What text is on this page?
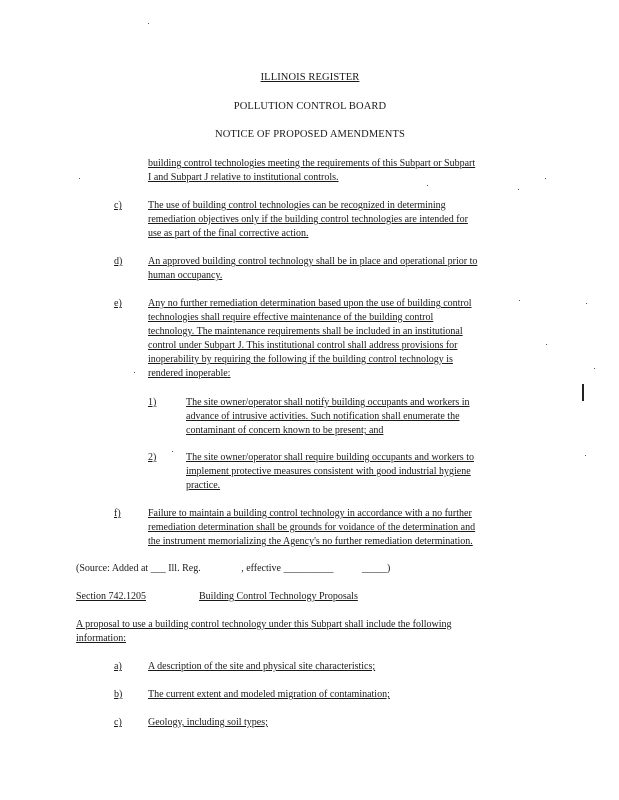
ILLINOIS REGISTER
POLLUTION CONTROL BOARD
NOTICE OF PROPOSED AMENDMENTS
building control technologies meeting the requirements of this Subpart or Subpart
I and Subpart J relative to institutional controls.
c)	The use of building control technologies can be recognized in determining
remediation objectives only if the building control technologies are intended for
use as part of the final corrective action.
d)	An approved building control technology shall be in place and operational prior to
human occupancy.
e)	Any no further remediation determination based upon the use of building control
technologies shall require effective maintenance of the building control
technology. The maintenance requirements shall be included in an institutional
control under Subpart J. This institutional control shall address provisions for
inoperability by requiring the following if the building control technology is
rendered inoperable:
1)	The site owner/operator shall notify building occupants and workers in
advance of intrusive activities. Such notification shall enumerate the
contaminant of concern known to be present; and
2)	The site owner/operator shall require building occupants and workers to
implement protective measures consistent with good industrial hygiene
practice.
f)	Failure to maintain a building control technology in accordance with a no further
remediation determination shall be grounds for voidance of the determination and
the instrument memorializing the Agency's no further remediation determination.
(Source: Added at ___ Ill. Reg.	, effective __________	_____)
Section 742.1205	Building Control Technology Proposals
A proposal to use a building control technology under this Subpart shall include the following
information:
a)	A description of the site and physical site characteristics;
b)	The current extent and modeled migration of contamination;
c)	Geology, including soil types;
